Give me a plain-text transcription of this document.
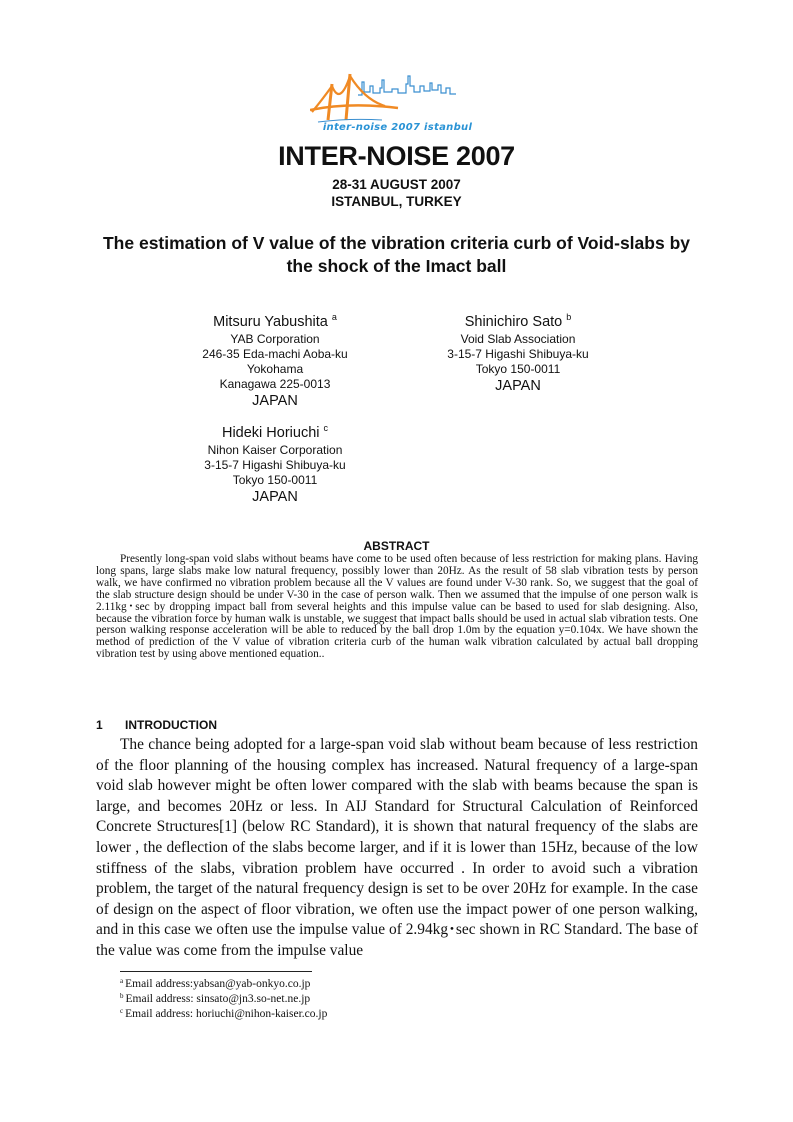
inter-noise 2007 istanbul
INTER-NOISE 2007
28-31 AUGUST 2007
ISTANBUL, TURKEY
The estimation of V value of the vibration criteria curb of Void-slabs by the shock of the Imact ball
Mitsuru Yabushita $^a$
YAB Corporation
246-35 Eda-machi Aoba-ku
Yokohama
Kanagawa 225-0013
JAPAN
Shinichiro Sato $^b$
Void Slab Association
3-15-7 Higashi Shibuya-ku
Tokyo 150-0011
JAPAN
Hideki Horiuchi $^c$
Nihon Kaiser Corporation
3-15-7 Higashi Shibuya-ku
Tokyo 150-0011
JAPAN
ABSTRACT

Presently long-span void slabs without beams have come to be used often because of less restriction for making plans. Having long spans, large slabs make low natural frequency, possibly lower than 20Hz. As the result of 58 slab vibration tests by person walk, we have confirmed no vibration problem because all the V values are found under V-30 rank. So, we suggest that the goal of the slab structure design should be under V-30 in the case of person walk. Then we assumed that the impulse of one person walk is 2.11kg･sec by dropping impact ball from several heights and this impulse value can be based to used for slab designing. Also, because the vibration force by human walk is unstable, we suggest that impact balls should be used in actual slab vibration tests. One person walking response acceleration will be able to reduced by the ball drop 1.0m by the equation y=0.104x. We have shown the method of prediction of the V value of vibration criteria curb of the human walk vibration calculated by actual ball dropping vibration test by using above mentioned equation..

1 INTRODUCTION

The chance being adopted for a large-span void slab without beam because of less restriction of the floor planning of the housing complex has increased. Natural frequency of a large-span void slab however might be often lower compared with the slab with beams because the span is large, and becomes 20Hz or less. In AIJ Standard for Structural Calculation of Reinforced Concrete Structures[1] (below RC Standard), it is shown that natural frequency of the slabs are lower , the deflection of the slabs become larger, and if it is lower than 15Hz, because of the low stiffness of the slabs, vibration problem have occurred . In order to avoid such a vibration problem, the target of the natural frequency design is set to be over 20Hz for example. In the case of design on the aspect of floor vibration, we often use the impact power of one person walking, and in this case we often use the impulse value of 2.94kg･sec shown in RC Standard. The base of the value was come from the impulse value

$^a$ Email address:yabsan@yab-onkyo.co.jp
$^b$ Email address: sinsato@jn3.so-net.ne.jp
$^c$ Email address: horiuchi@nihon-kaiser.co.jp
